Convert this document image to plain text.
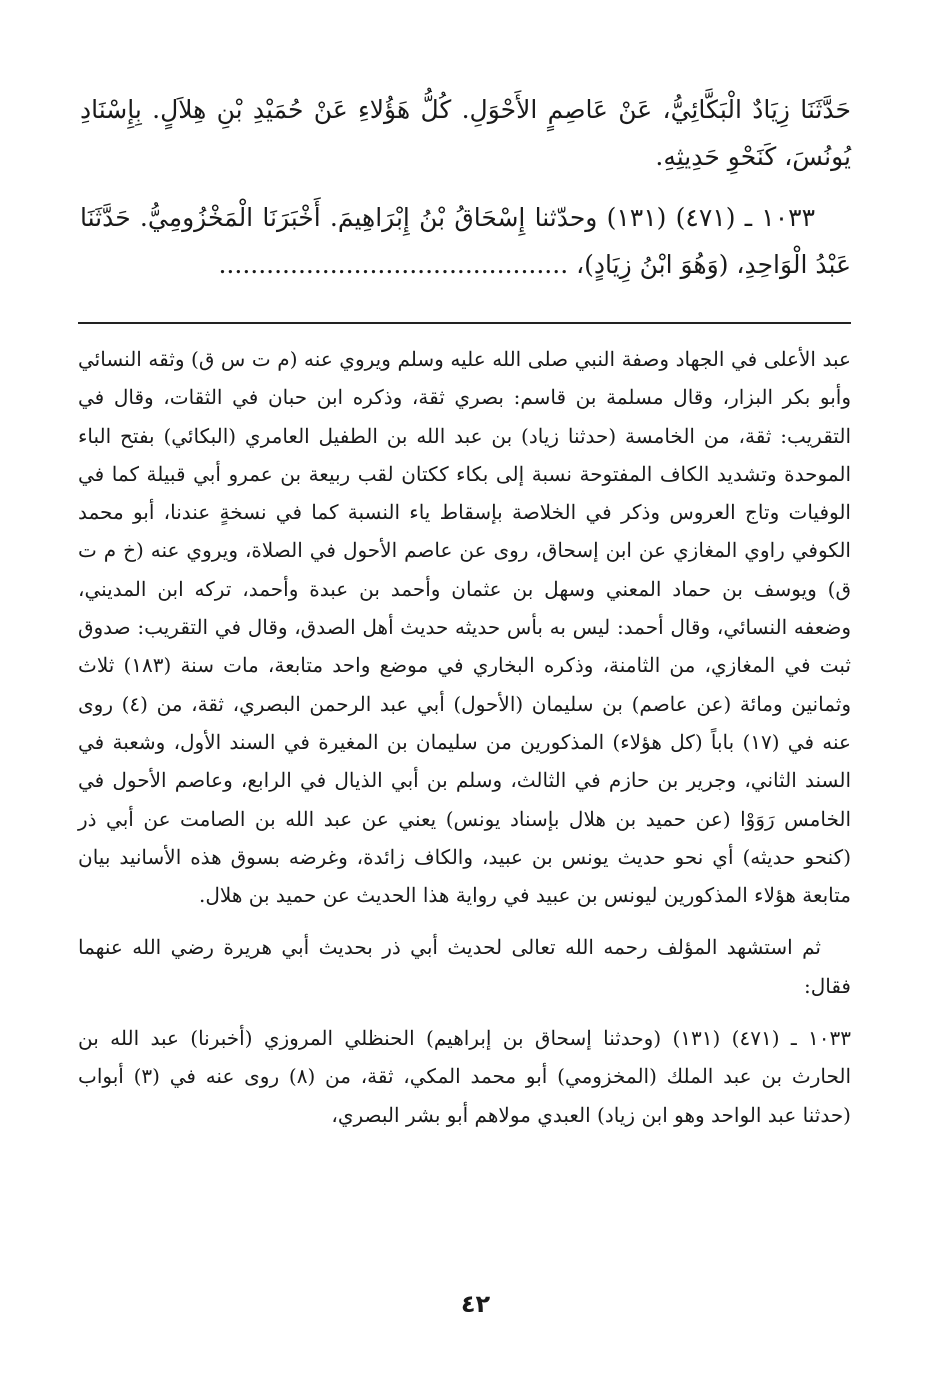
حَدَّثَنَا زِيَادٌ الْبَكَّائِيُّ، عَنْ عَاصِمٍ الأَحْوَلِ. كُلُّ هَؤُلاءِ عَنْ حُمَيْدِ بْنِ هِلاَلٍ. بِإِسْنَادِ يُونُسَ، كَنَحْوِ حَدِيثِهِ.

١٠٣٣ ـ (٤٧١) (١٣١) وحدّثنا إِسْحَاقُ بْنُ إِبْرَاهِيمَ. أَخْبَرَنَا الْمَخْزُومِيُّ. حَدَّثَنَا عَبْدُ الْوَاحِدِ، (وَهُوَ ابْنُ زِيَادٍ)، ............................................

عبد الأعلى في الجهاد وصفة النبي صلى الله عليه وسلم ويروي عنه (م ت س ق) وثقه النسائي وأبو بكر البزار، وقال مسلمة بن قاسم: بصري ثقة، وذكره ابن حبان في الثقات، وقال في التقريب: ثقة، من الخامسة (حدثنا زياد) بن عبد الله بن الطفيل العامري (البكائي) بفتح الباء الموحدة وتشديد الكاف المفتوحة نسبة إلى بكاء ككتان لقب ربيعة بن عمرو أبي قبيلة كما في الوفيات وتاج العروس وذكر في الخلاصة بإسقاط ياء النسبة كما في نسخةٍ عندنا، أبو محمد الكوفي راوي المغازي عن ابن إسحاق، روى عن عاصم الأحول في الصلاة، ويروي عنه (خ م ت ق) ويوسف بن حماد المعني وسهل بن عثمان وأحمد بن عبدة وأحمد، تركه ابن المديني، وضعفه النسائي، وقال أحمد: ليس به بأس حديثه حديث أهل الصدق، وقال في التقريب: صدوق ثبت في المغازي، من الثامنة، وذكره البخاري في موضع واحد متابعة، مات سنة (١٨٣) ثلاث وثمانين ومائة (عن عاصم) بن سليمان (الأحول) أبي عبد الرحمن البصري، ثقة، من (٤) روى عنه في (١٧) باباً (كل هؤلاء) المذكورين من سليمان بن المغيرة في السند الأول، وشعبة في السند الثاني، وجرير بن حازم في الثالث، وسلم بن أبي الذيال في الرابع، وعاصم الأحول في الخامس رَوَوْا (عن حميد بن هلال بإسناد يونس) يعني عن عبد الله بن الصامت عن أبي ذر (كنحو حديثه) أي نحو حديث يونس بن عبيد، والكاف زائدة، وغرضه بسوق هذه الأسانيد بيان متابعة هؤلاء المذكورين ليونس بن عبيد في رواية هذا الحديث عن حميد بن هلال.

ثم استشهد المؤلف رحمه الله تعالى لحديث أبي ذر بحديث أبي هريرة رضي الله عنهما فقال:

١٠٣٣ ـ (٤٧١) (١٣١) (وحدثنا إسحاق بن إبراهيم) الحنظلي المروزي (أخبرنا) عبد الله بن الحارث بن عبد الملك (المخزومي) أبو محمد المكي، ثقة، من (٨) روى عنه في (٣) أبواب (حدثنا عبد الواحد وهو ابن زياد) العبدي مولاهم أبو بشر البصري،

٤٢
